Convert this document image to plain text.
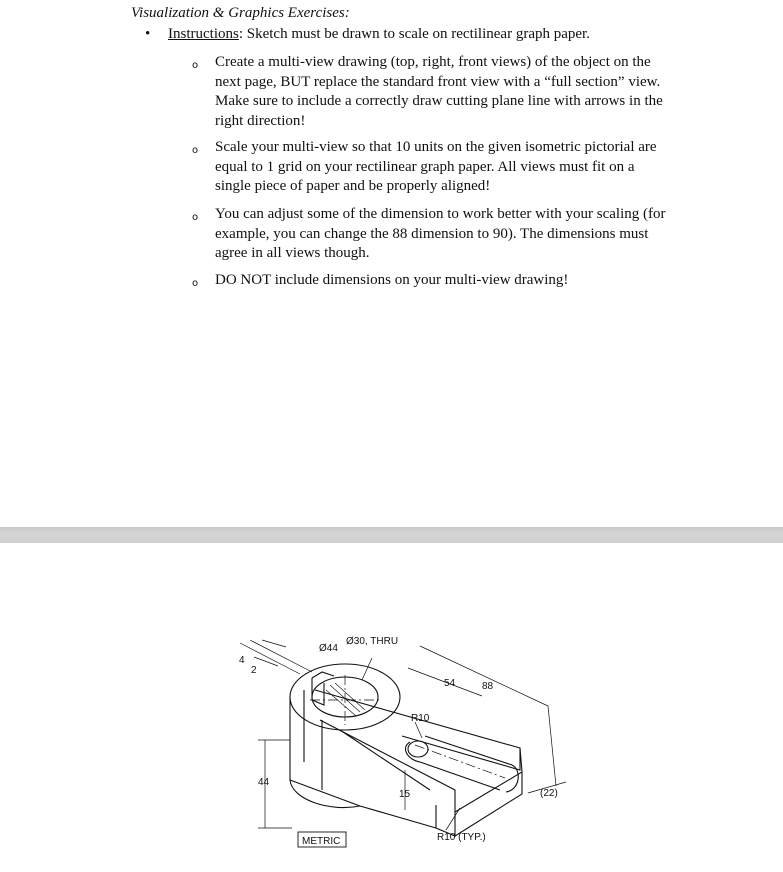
Visualization & Graphics Exercises:
• Instructions: Sketch must be drawn to scale on rectilinear graph paper.
o Create a multi-view drawing (top, right, front views) of the object on the next page, BUT replace the standard front view with a “full section” view. Make sure to include a correctly draw cutting plane line with arrows in the right direction!
o Scale your multi-view so that 10 units on the given isometric pictorial are equal to 1 grid on your rectilinear graph paper. All views must fit on a single piece of paper and be properly aligned!
o You can adjust some of the dimension to work better with your scaling (for example, you can change the 88 dimension to 90). The dimensions must agree in all views though.
o DO NOT include dimensions on your multi-view drawing!
Ø44
Ø30, THRU
4
2
54	88
R10
44
15	(22)
R10 (TYP.)
METRIC
